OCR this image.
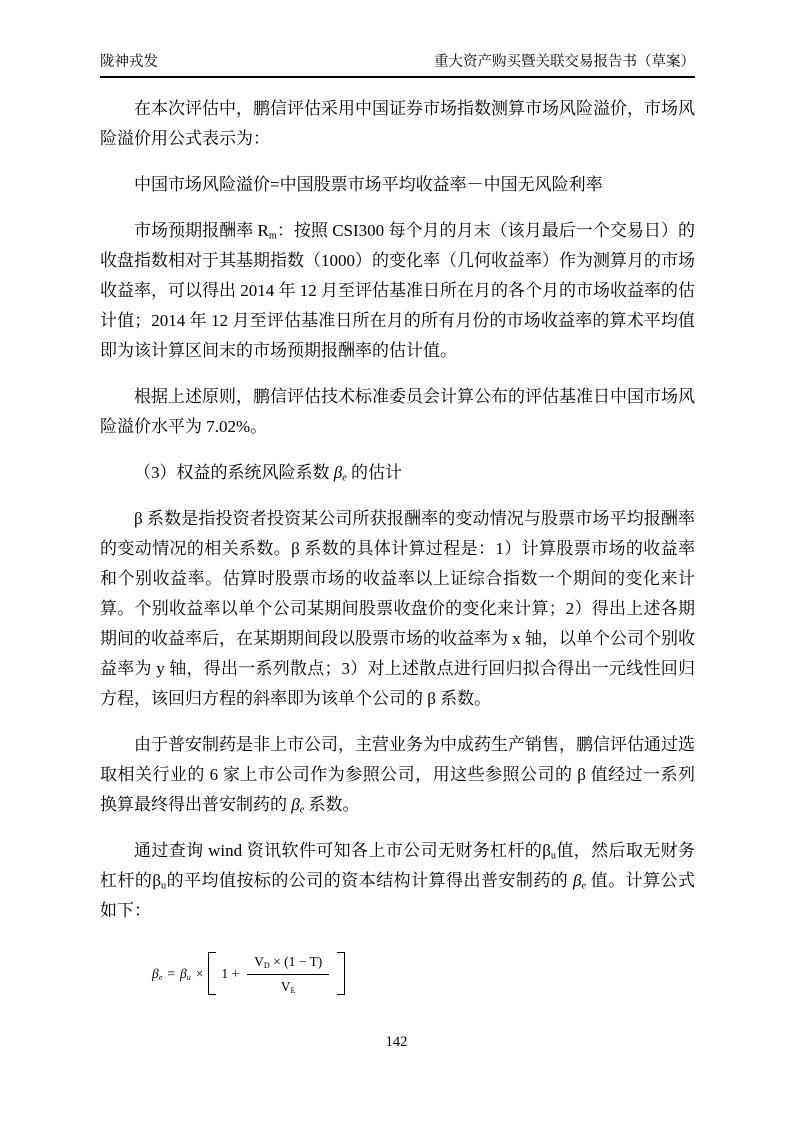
陇神戎发	重大资产购买暨关联交易报告书（草案）

在本次评估中，鹏信评估采用中国证券市场指数测算市场风险溢价，市场风险溢价用公式表示为：

中国市场风险溢价=中国股票市场平均收益率－中国无风险利率

市场预期报酬率 $R_m$：按照 CSI300 每个月的月末（该月最后一个交易日）的收盘指数相对于其基期指数（1000）的变化率（几何收益率）作为测算月的市场收益率，可以得出 2014 年 12 月至评估基准日所在月的各个月的市场收益率的估计值；2014 年 12 月至评估基准日所在月的所有月份的市场收益率的算术平均值即为该计算区间末的市场预期报酬率的估计值。

根据上述原则，鹏信评估技术标准委员会计算公布的评估基准日中国市场风险溢价水平为 7.02%。

（3）权益的系统风险系数 $\beta_e$ 的估计

β 系数是指投资者投资某公司所获报酬率的变动情况与股票市场平均报酬率的变动情况的相关系数。β 系数的具体计算过程是：1）计算股票市场的收益率和个别收益率。估算时股票市场的收益率以上证综合指数一个期间的变化来计算。个别收益率以单个公司某期间股票收盘价的变化来计算；2）得出上述各期期间的收益率后，在某期期间段以股票市场的收益率为 x 轴，以单个公司个别收益率为 y 轴，得出一系列散点；3）对上述散点进行回归拟合得出一元线性回归方程，该回归方程的斜率即为该单个公司的 β 系数。

由于普安制药是非上市公司，主营业务为中成药生产销售，鹏信评估通过选取相关行业的 6 家上市公司作为参照公司，用这些参照公司的 β 值经过一系列换算最终得出普安制药的 $\beta_e$ 系数。

通过查询 wind 资讯软件可知各上市公司无财务杠杆的$\beta_u$值，然后取无财务杠杆的$\beta_u$的平均值按标的公司的资本结构计算得出普安制药的 $\beta_e$ 值。计算公式如下：

$\beta_e = \beta_u \times 1 + \frac{V_D \times (1 - T)}{V_E}$
142
